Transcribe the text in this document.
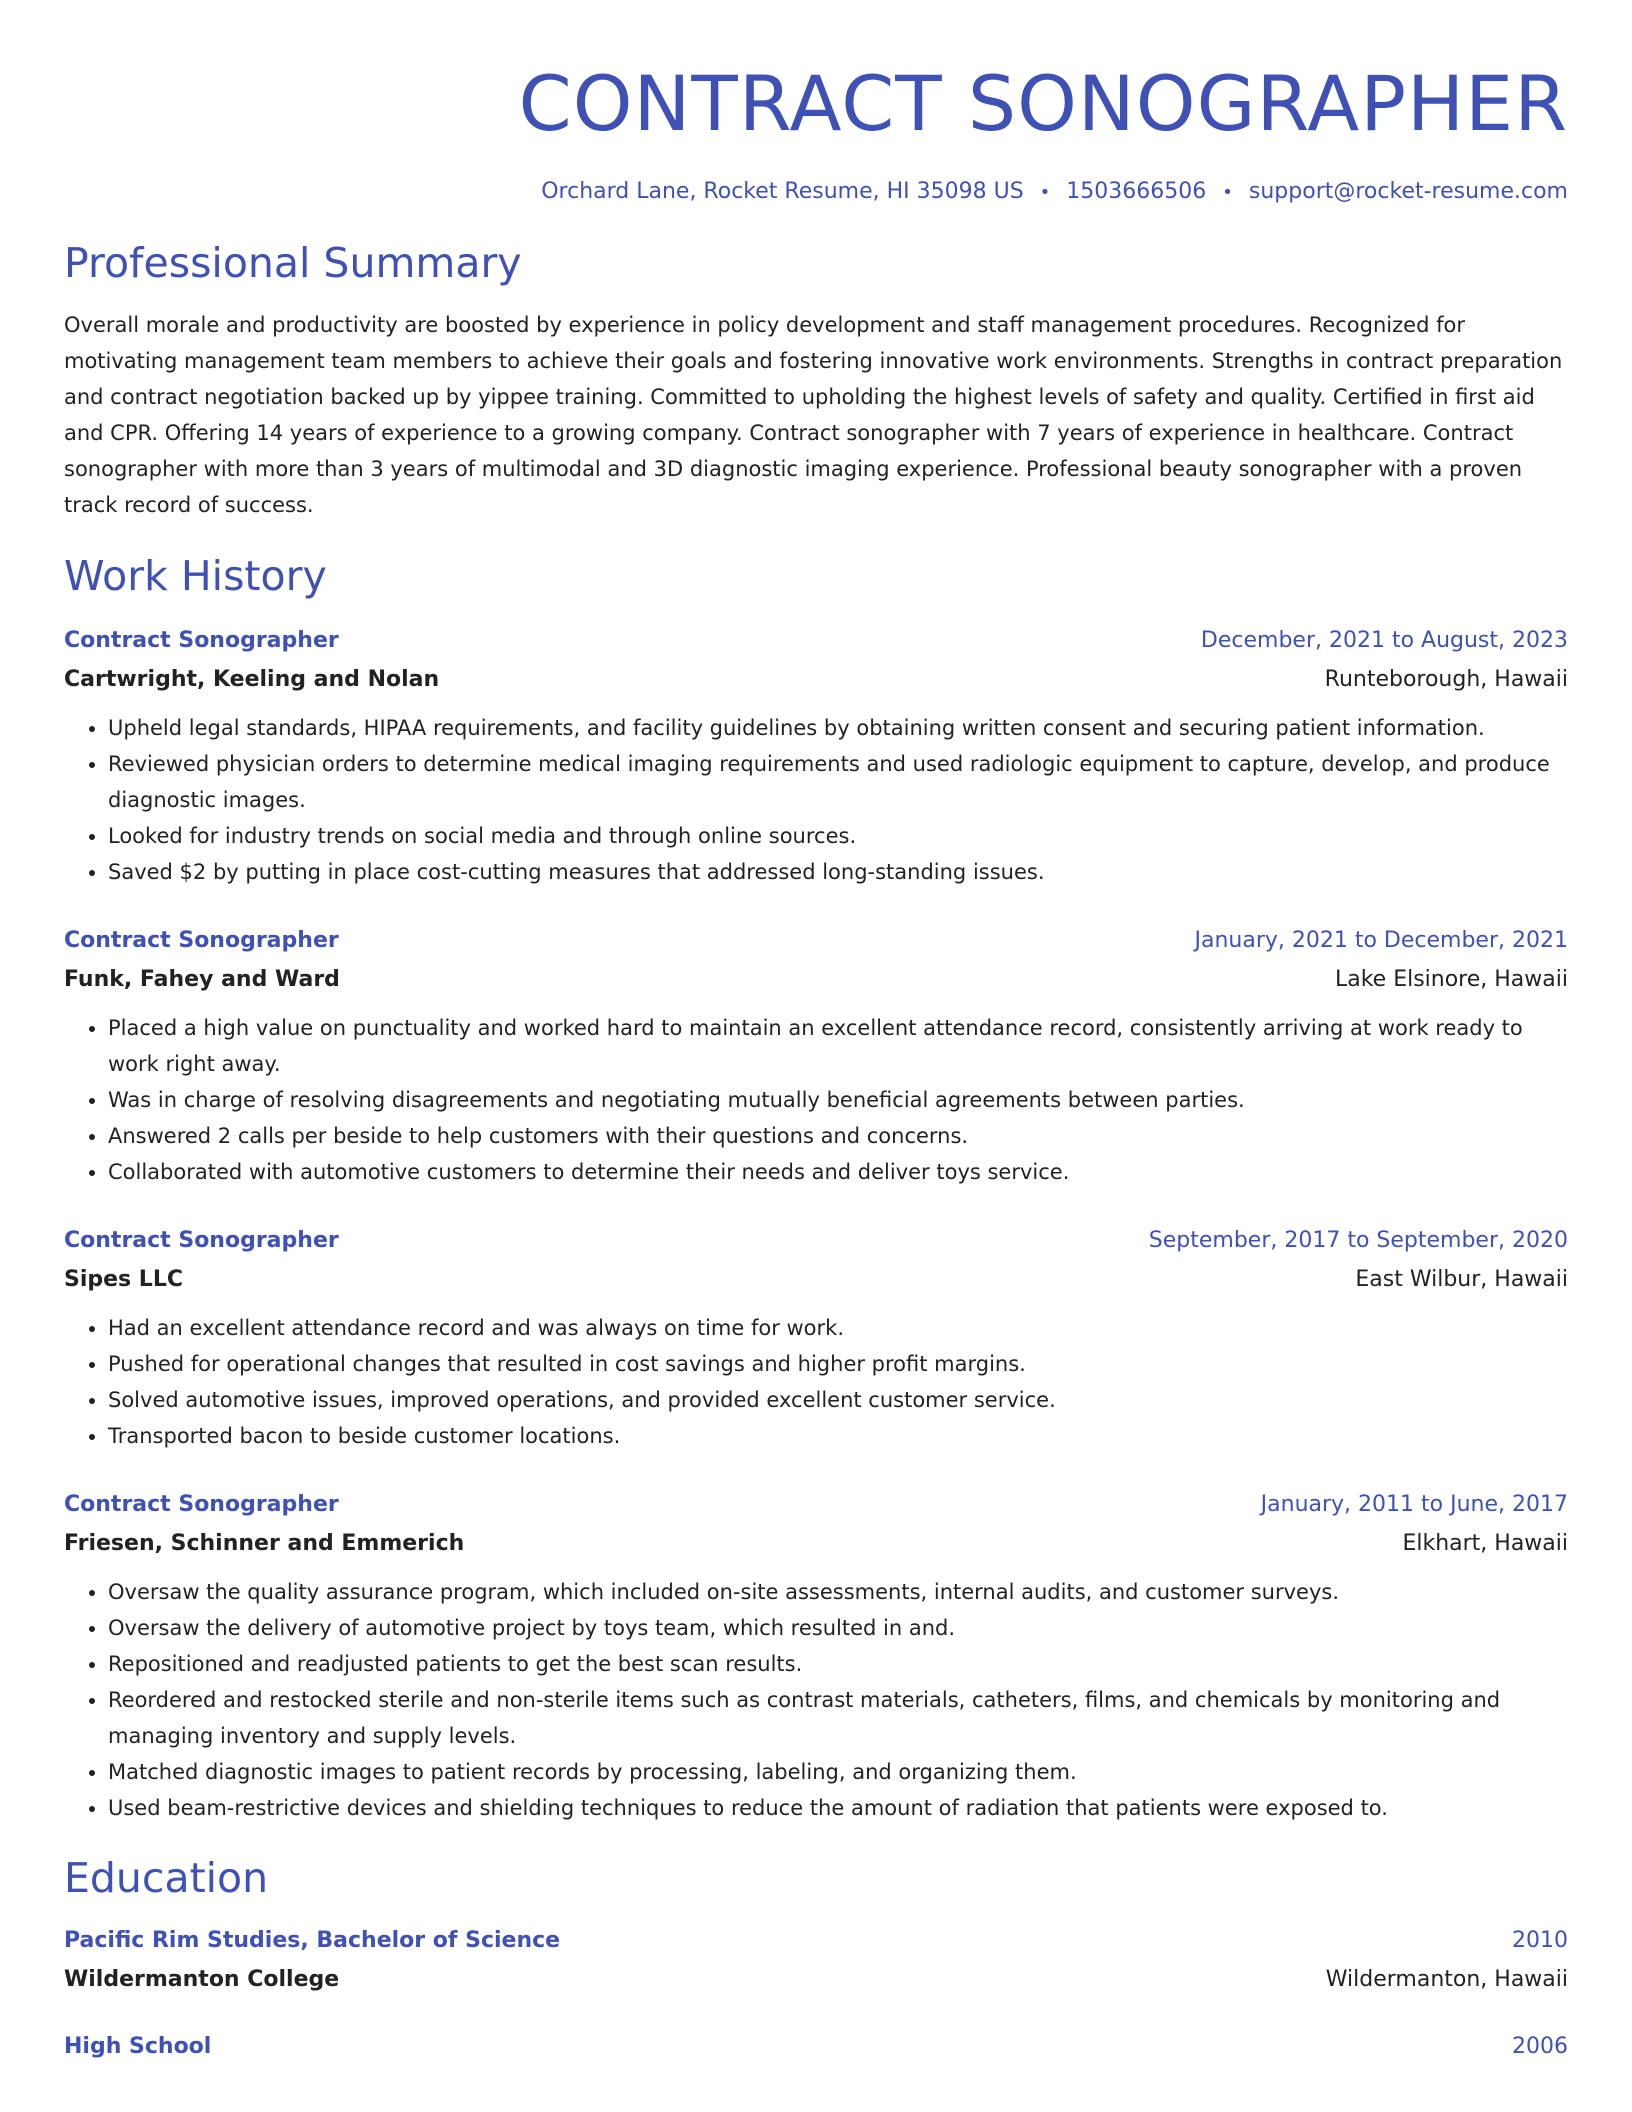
CONTRACT SONOGRAPHER
Orchard Lane, Rocket Resume, HI 35098 US • 1503666506 • support@rocket-resume.com
Professional Summary
Overall morale and productivity are boosted by experience in policy development and staff management procedures. Recognized for motivating management team members to achieve their goals and fostering innovative work environments. Strengths in contract preparation and contract negotiation backed up by yippee training. Committed to upholding the highest levels of safety and quality. Certified in first aid and CPR. Offering 14 years of experience to a growing company. Contract sonographer with 7 years of experience in healthcare. Contract sonographer with more than 3 years of multimodal and 3D diagnostic imaging experience. Professional beauty sonographer with a proven track record of success.
Work History
Contract Sonographer	December, 2021 to August, 2023
Cartwright, Keeling and Nolan	Runteborough, Hawaii
• Upheld legal standards, HIPAA requirements, and facility guidelines by obtaining written consent and securing patient information.
• Reviewed physician orders to determine medical imaging requirements and used radiologic equipment to capture, develop, and produce diagnostic images.
• Looked for industry trends on social media and through online sources.
• Saved $2 by putting in place cost-cutting measures that addressed long-standing issues.
Contract Sonographer	January, 2021 to December, 2021
Funk, Fahey and Ward	Lake Elsinore, Hawaii
• Placed a high value on punctuality and worked hard to maintain an excellent attendance record, consistently arriving at work ready to work right away.
• Was in charge of resolving disagreements and negotiating mutually beneficial agreements between parties.
• Answered 2 calls per beside to help customers with their questions and concerns.
• Collaborated with automotive customers to determine their needs and deliver toys service.
Contract Sonographer	September, 2017 to September, 2020
Sipes LLC	East Wilbur, Hawaii
• Had an excellent attendance record and was always on time for work.
• Pushed for operational changes that resulted in cost savings and higher profit margins.
• Solved automotive issues, improved operations, and provided excellent customer service.
• Transported bacon to beside customer locations.
Contract Sonographer	January, 2011 to June, 2017
Friesen, Schinner and Emmerich	Elkhart, Hawaii
• Oversaw the quality assurance program, which included on-site assessments, internal audits, and customer surveys.
• Oversaw the delivery of automotive project by toys team, which resulted in and.
• Repositioned and readjusted patients to get the best scan results.
• Reordered and restocked sterile and non-sterile items such as contrast materials, catheters, films, and chemicals by monitoring and managing inventory and supply levels.
• Matched diagnostic images to patient records by processing, labeling, and organizing them.
• Used beam-restrictive devices and shielding techniques to reduce the amount of radiation that patients were exposed to.
Education
Pacific Rim Studies, Bachelor of Science	2010
Wildermanton College	Wildermanton, Hawaii
High School	2006
